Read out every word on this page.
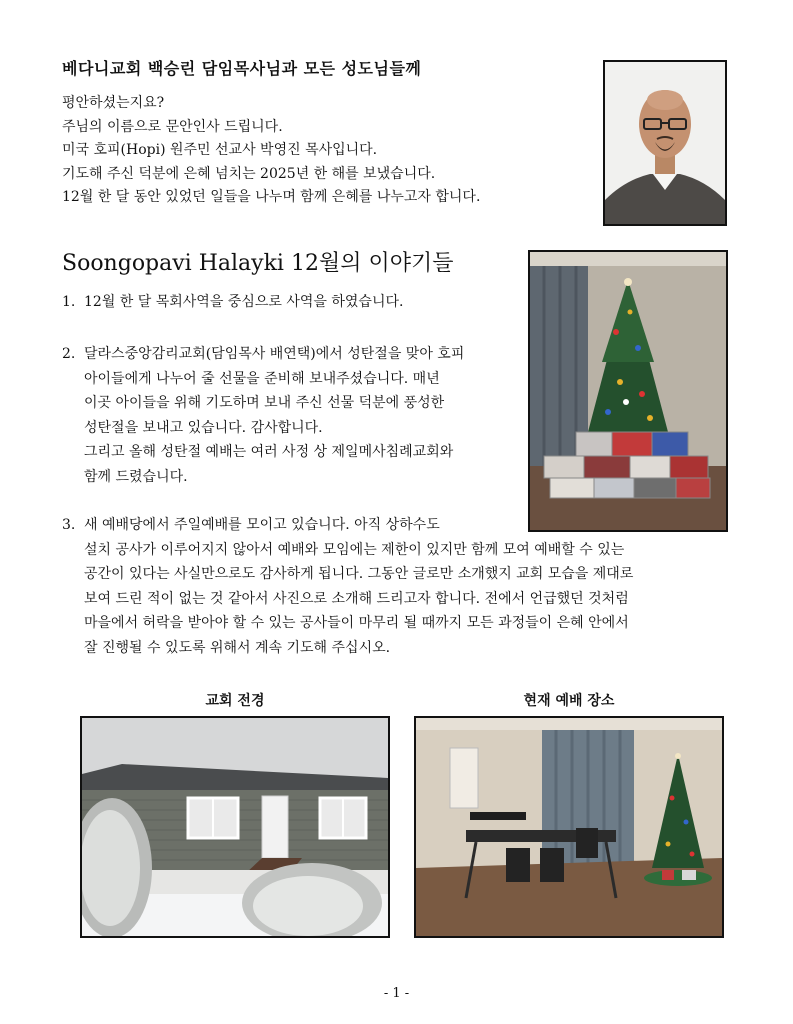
베다니교회 백승린 담임목사님과 모든 성도님들께
평안하셨는지요?
주님의 이름으로 문안인사 드립니다.
미국 호피(Hopi) 원주민 선교사 박영진 목사입니다.
기도해 주신 덕분에 은혜 넘치는 2025년 한 해를 보냈습니다.
12월 한 달 동안 있었던 일들을 나누며 함께 은혜를 나누고자 합니다.
Soongopavi Halayki 12월의 이야기들
1. 12월 한 달 목회사역을 중심으로 사역을 하였습니다.
2. 달라스중앙감리교회(담임목사 배연택)에서 성탄절을 맞아 호피
아이들에게 나누어 줄 선물을 준비해 보내주셨습니다. 매년
이곳 아이들을 위해 기도하며 보내 주신 선물 덕분에 풍성한
성탄절을 보내고 있습니다. 감사합니다.
그리고 올해 성탄절 예배는 여러 사정 상 제일메사침례교회와
함께 드렸습니다.
3. 새 예배당에서 주일예배를 모이고 있습니다. 아직 상하수도
설치 공사가 이루어지지 않아서 예배와 모임에는 제한이 있지만 함께 모여 예배할 수 있는
공간이 있다는 사실만으로도 감사하게 됩니다. 그동안 글로만 소개했지 교회 모습을 제대로
보여 드린 적이 없는 것 같아서 사진으로 소개해 드리고자 합니다. 전에서 언급했던 것처럼
마을에서 허락을 받아야 할 수 있는 공사들이 마무리 될 때까지 모든 과정들이 은혜 안에서
잘 진행될 수 있도록 위해서 계속 기도해 주십시오.
교회 전경	현재 예배 장소
- 1 -
